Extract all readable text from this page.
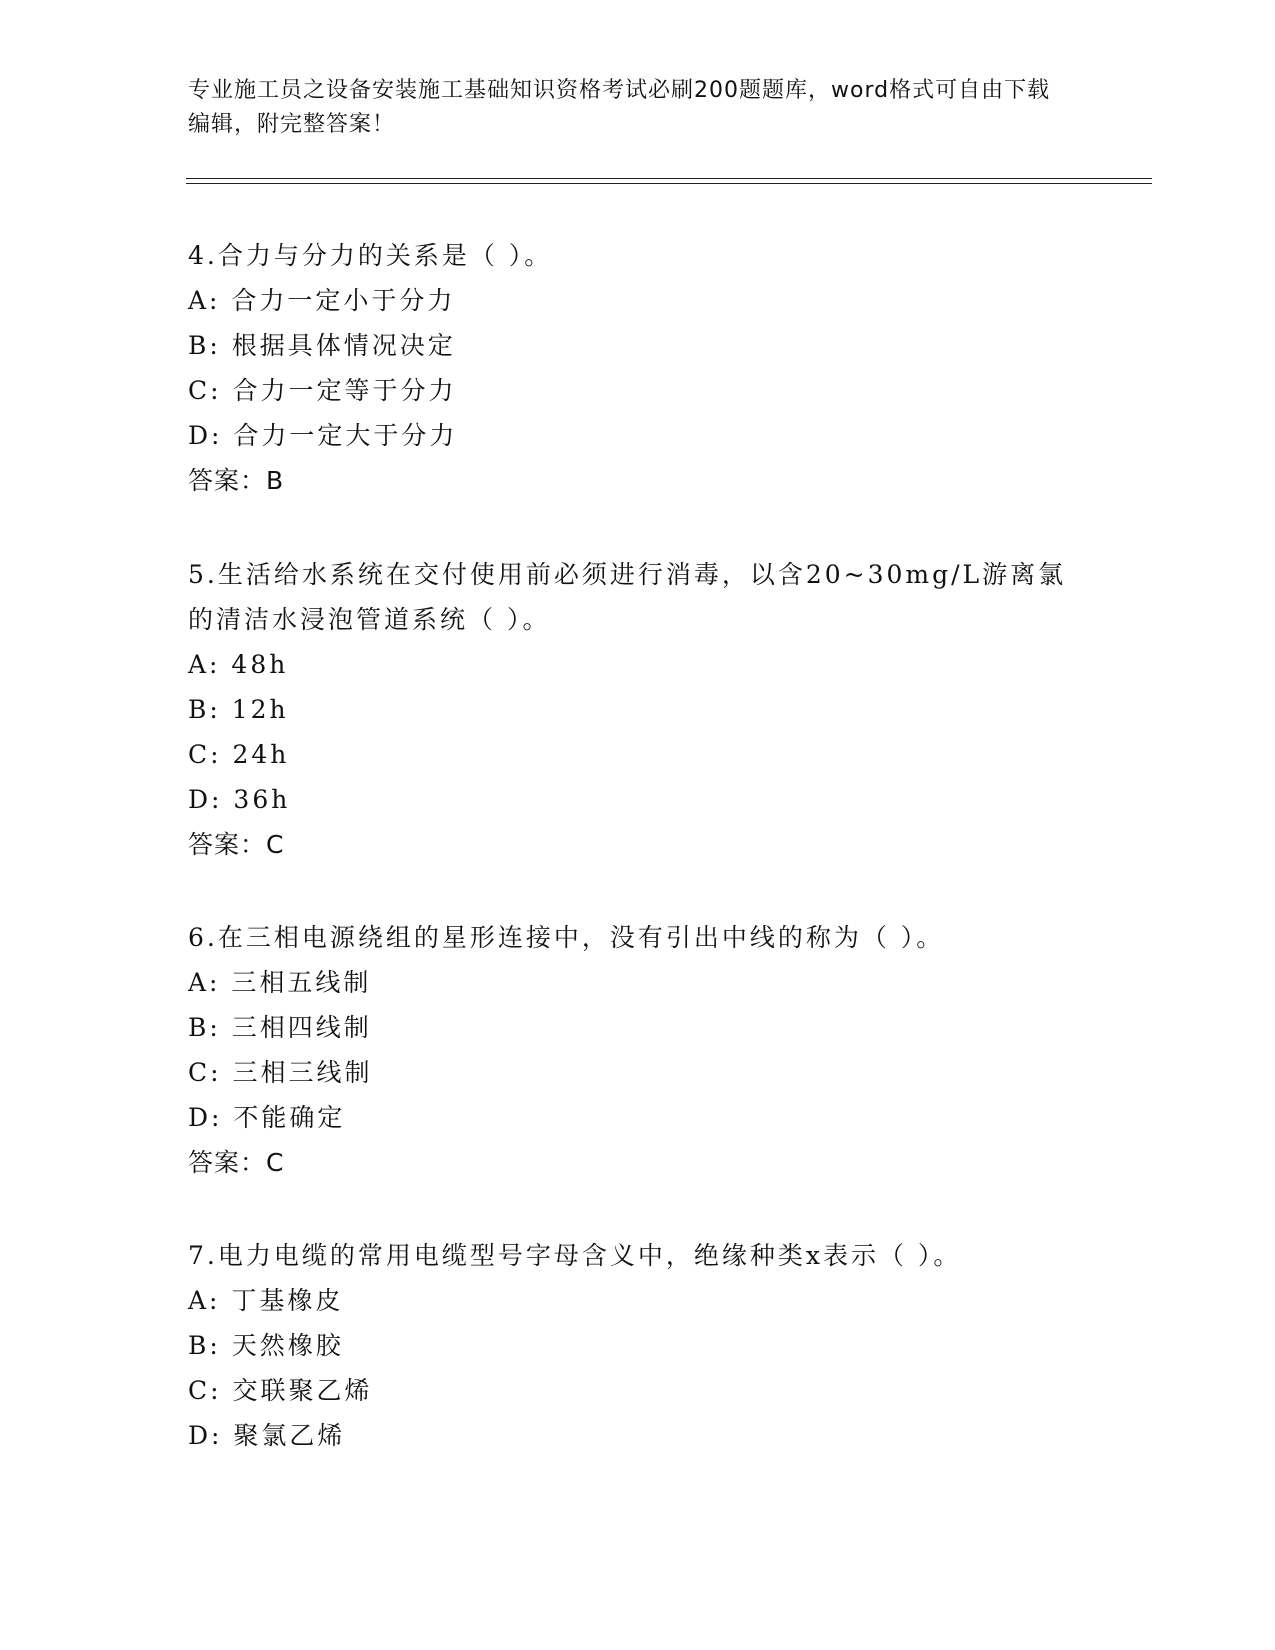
专业施工员之设备安装施工基础知识资格考试必刷200题题库，word格式可自由下载编辑，附完整答案！
4.合力与分力的关系是（ ）。
A: 合力一定小于分力
B: 根据具体情况决定
C: 合力一定等于分力
D: 合力一定大于分力
答案：B
5.生活给水系统在交付使用前必须进行消毒，以含20~30mg/L游离氯的清洁水浸泡管道系统（ ）。
A: 48h
B: 12h
C: 24h
D: 36h
答案：C
6.在三相电源绕组的星形连接中，没有引出中线的称为（ ）。
A: 三相五线制
B: 三相四线制
C: 三相三线制
D: 不能确定
答案：C
7.电力电缆的常用电缆型号字母含义中，绝缘种类x表示（ ）。
A: 丁基橡皮
B: 天然橡胶
C: 交联聚乙烯
D: 聚氯乙烯
